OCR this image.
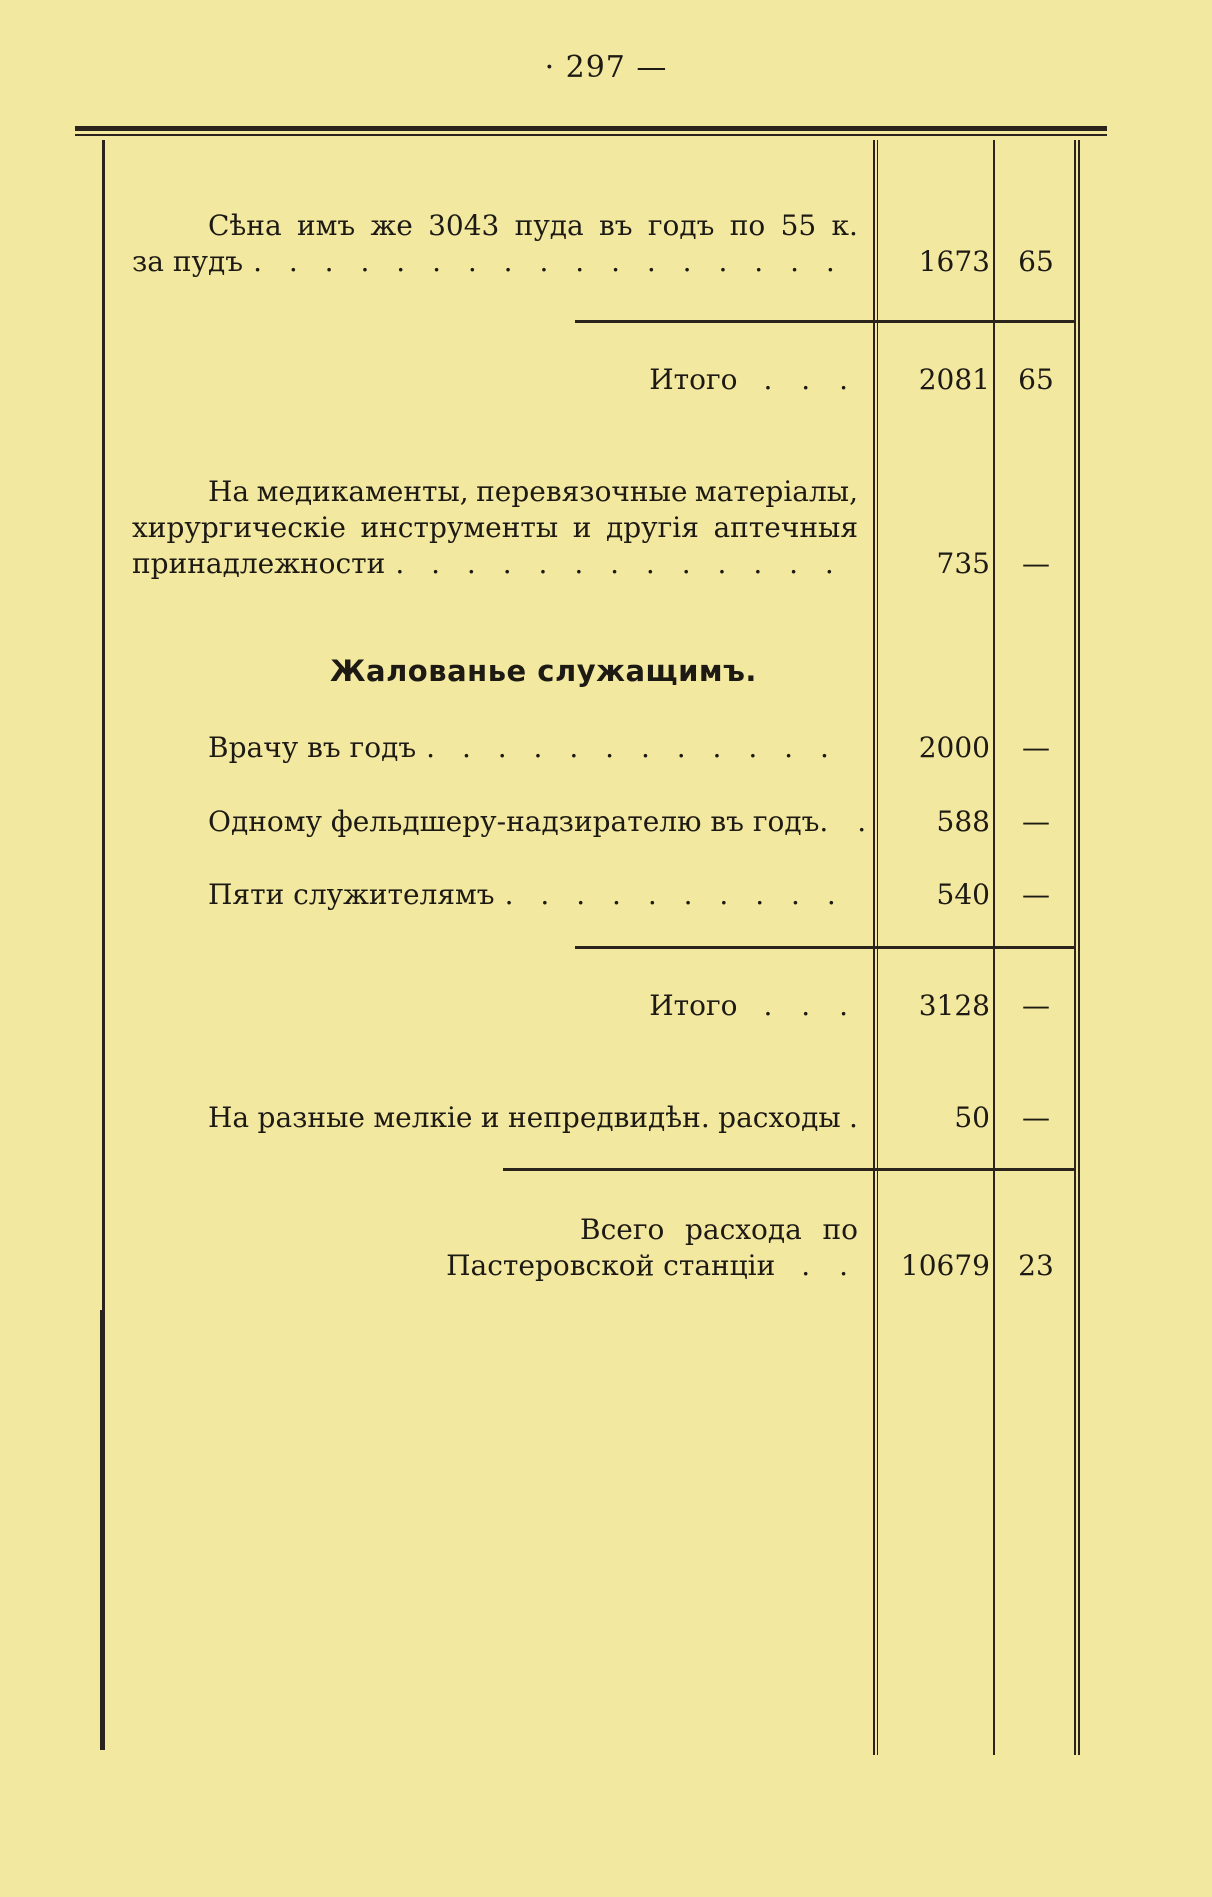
· 297 —
Сѣна имъ же 3043 пуда въ годъ по 55 к.
за пудъ . . .	1673	65
Итого . . .	2081	65
На медикаменты, перевязочные матеріалы,
хирургическіе инструменты и другія аптечныя
принадлежности . . .	735	—
Жалованье служащимъ.
Врачу въ годъ . . .	2000	—
Одному фельдшеру-надзирателю въ годъ . .	588	—
Пяти служителямъ . . .	540	—
Итого . . .	3128	—
На разные мелкіе и непредвидѣн. расходы .	50	—
Всего расхода по
Пастеровской станціи . .	10679	23
